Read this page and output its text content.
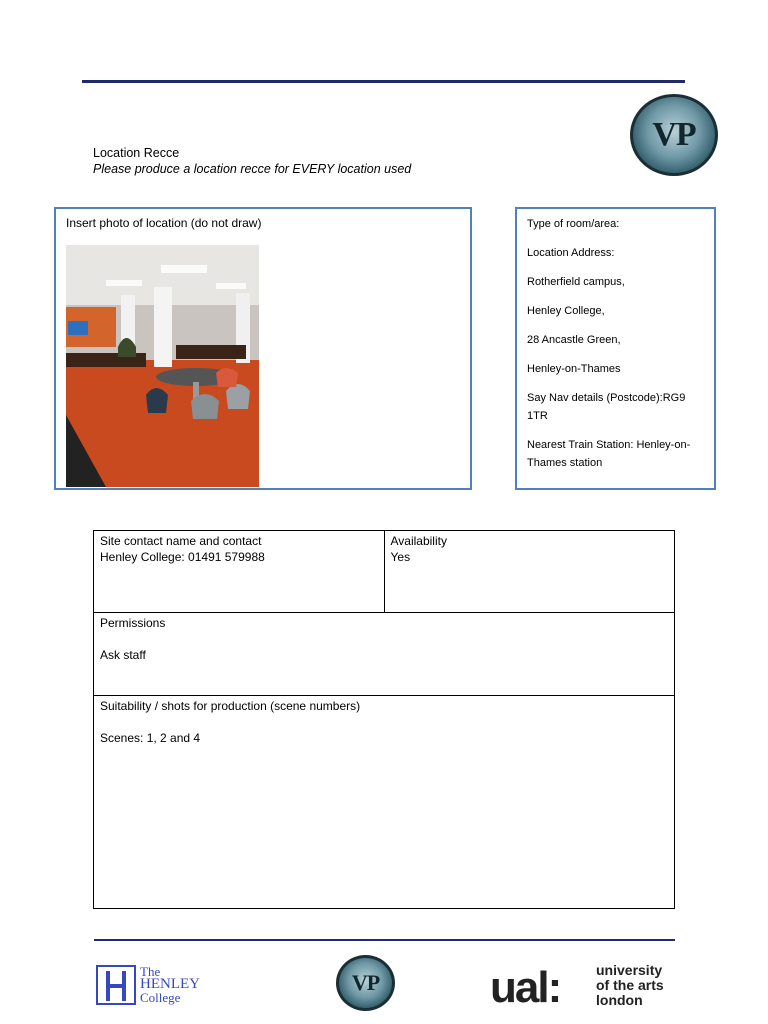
VP
Location Recce
Please produce a location recce for EVERY location used
Insert photo of location (do not draw)	Type of room/area:

Location Address:

Rotherfield campus,

Henley College,

28 Ancastle Green,

Henley-on-Thames

Say Nav details (Postcode):RG9 1TR

Nearest Train Station: Henley-on-Thames station

Site contact name and contact
Henley College: 01491 579988

Availability
Yes

Permissions
Ask staff

Suitability / shots for production (scene numbers)
Scenes: 1, 2 and 4
The
HENLEY
College
VP	ual:	university
of the arts
london
